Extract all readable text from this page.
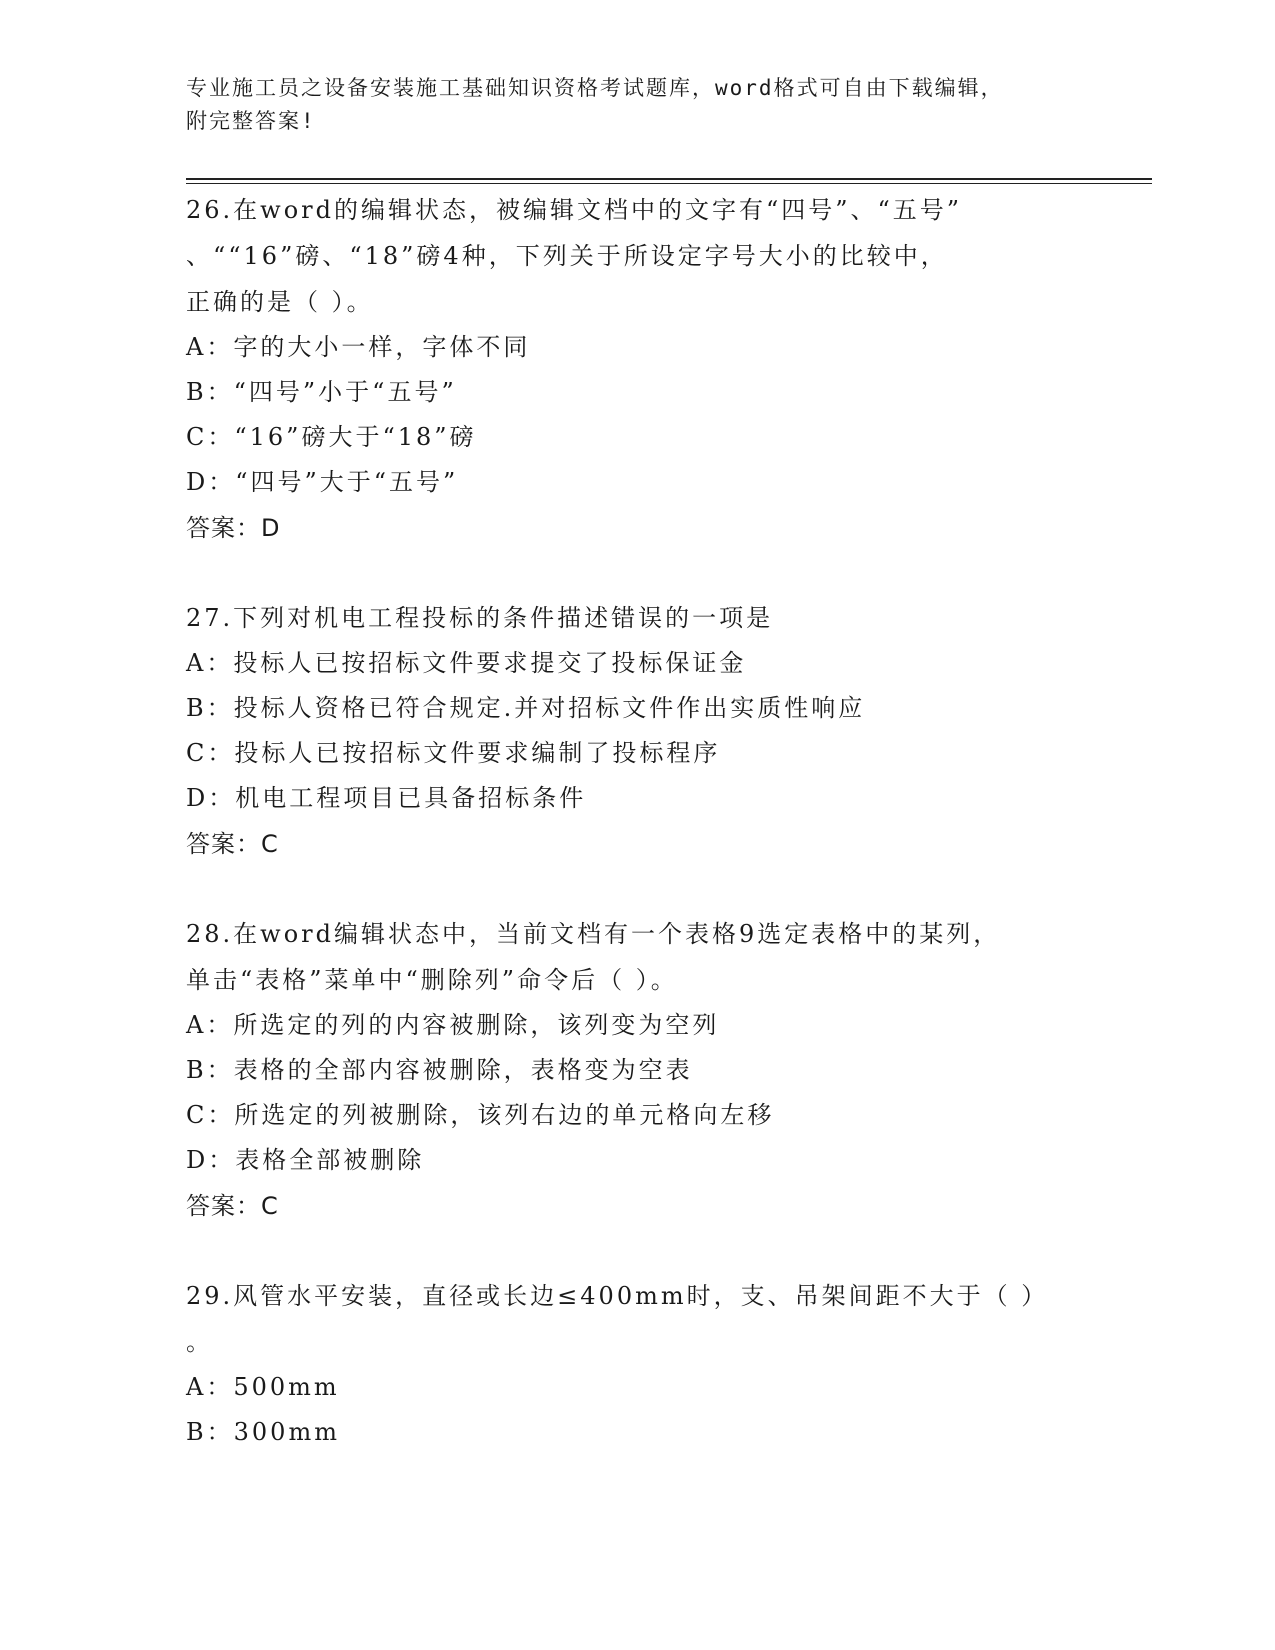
专业施工员之设备安装施工基础知识资格考试题库，word格式可自由下载编辑，
附完整答案!
26.在word的编辑状态，被编辑文档中的文字有“四号”、“五号”
、““16”磅、“18”磅4种，下列关于所设定字号大小的比较中，
正确的是（ ）。
A：字的大小一样，字体不同
B：“四号”小于“五号”
C：“16”磅大于“18”磅
D：“四号”大于“五号”
答案：D
27.下列对机电工程投标的条件描述错误的一项是
A：投标人已按招标文件要求提交了投标保证金
B：投标人资格已符合规定.并对招标文件作出实质性响应
C：投标人已按招标文件要求编制了投标程序
D：机电工程项目已具备招标条件
答案：C
28.在word编辑状态中，当前文档有一个表格9选定表格中的某列，
单击“表格”菜单中“删除列”命令后（ ）。
A：所选定的列的内容被删除，该列变为空列
B：表格的全部内容被删除，表格变为空表
C：所选定的列被删除，该列右边的单元格向左移
D：表格全部被删除
答案：C
29.风管水平安装，直径或长边≤400mm时，支、吊架间距不大于（ ）
。
A：500mm
B：300mm
